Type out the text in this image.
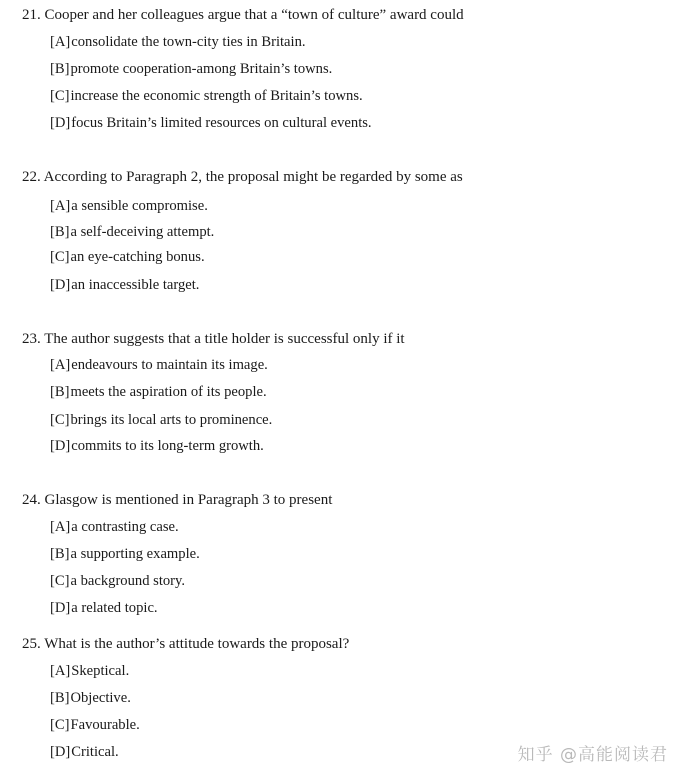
21. Cooper and her colleagues argue that a “town of culture” award could
[A]consolidate the town-city ties in Britain.
[B]promote cooperation-among Britain’s towns.
[C]increase the economic strength of Britain’s towns.
[D]focus Britain’s limited resources on cultural events.
22. According to Paragraph 2, the proposal might be regarded by some as
[A]a sensible compromise.
[B]a self-deceiving attempt.
[C]an eye-catching bonus.
[D]an inaccessible target.
23. The author suggests that a title holder is successful only if it
[A]endeavours to maintain its image.
[B]meets the aspiration of its people.
[C]brings its local arts to prominence.
[D]commits to its long-term growth.
24. Glasgow is mentioned in Paragraph 3 to present
[A]a contrasting case.
[B]a supporting example.
[C]a background story.
[D]a related topic.
25. What is the author’s attitude towards the proposal?
[A]Skeptical.
[B]Objective.
[C]Favourable.
[D]Critical.	知乎 @高能阅读君
